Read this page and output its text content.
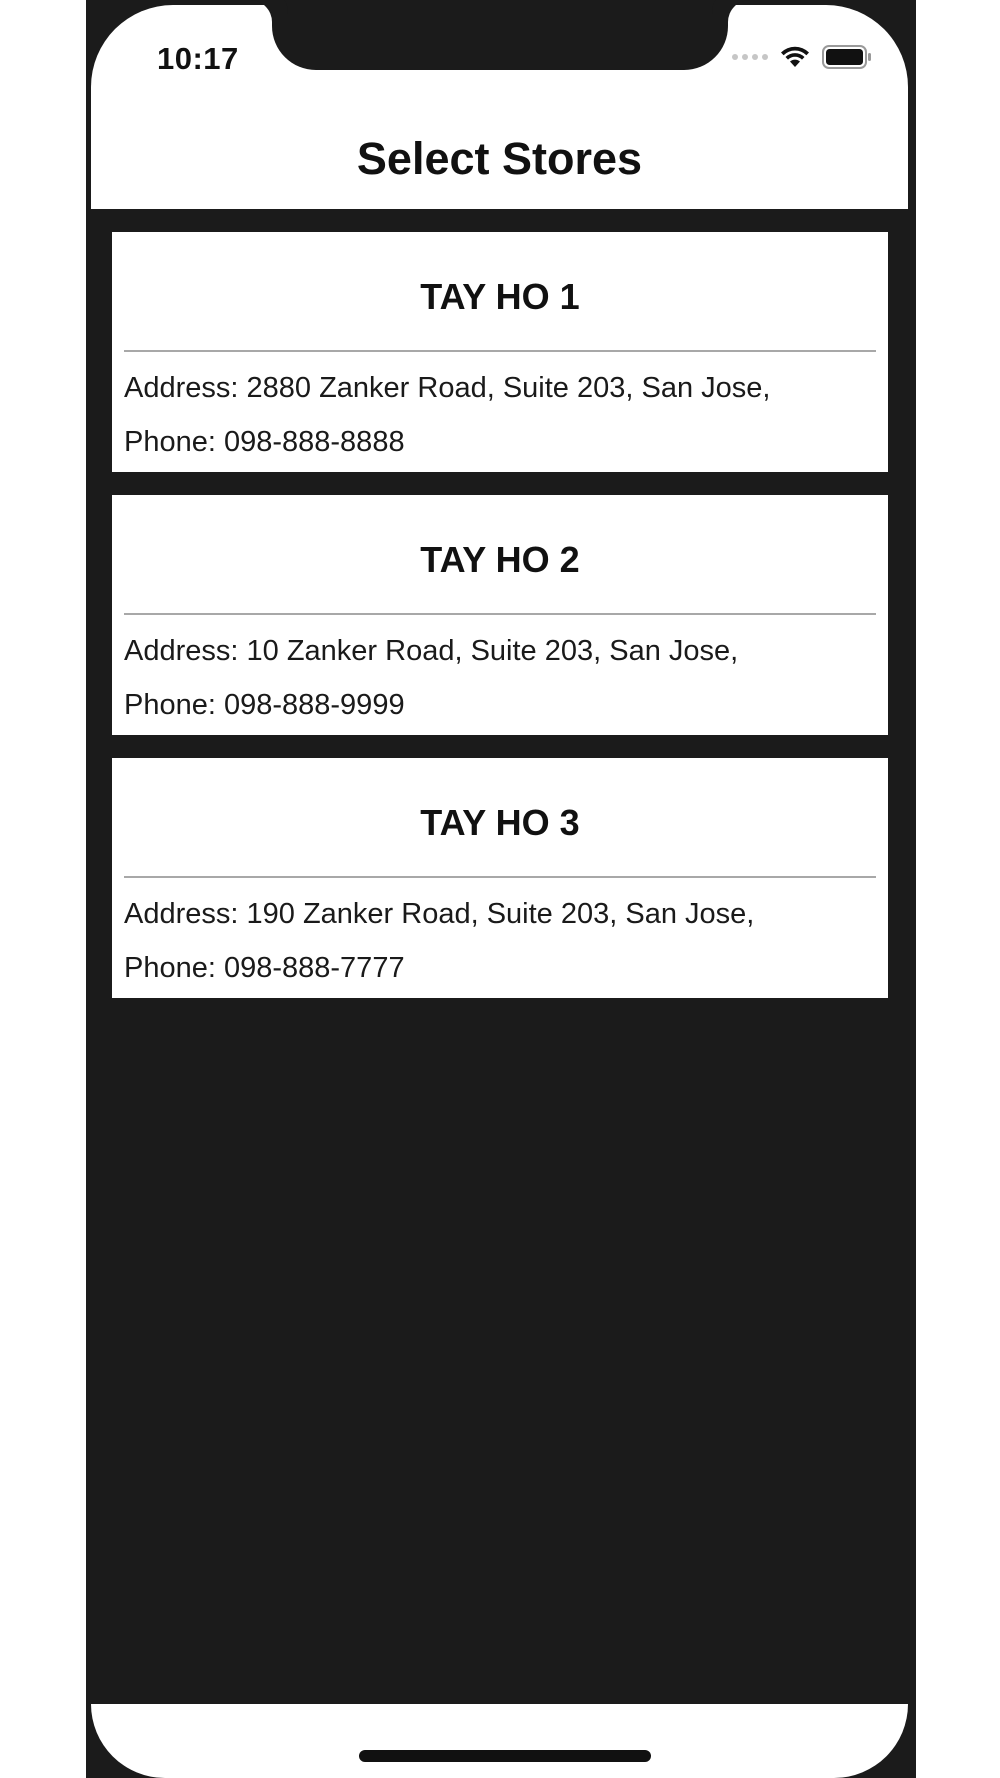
10:17
Select Stores
TAY HO 1
Address: 2880 Zanker Road, Suite 203, San Jose,
Phone: 098-888-8888
TAY HO 2
Address: 10 Zanker Road, Suite 203, San Jose,
Phone: 098-888-9999
TAY HO 3
Address: 190 Zanker Road, Suite 203, San Jose,
Phone: 098-888-7777
